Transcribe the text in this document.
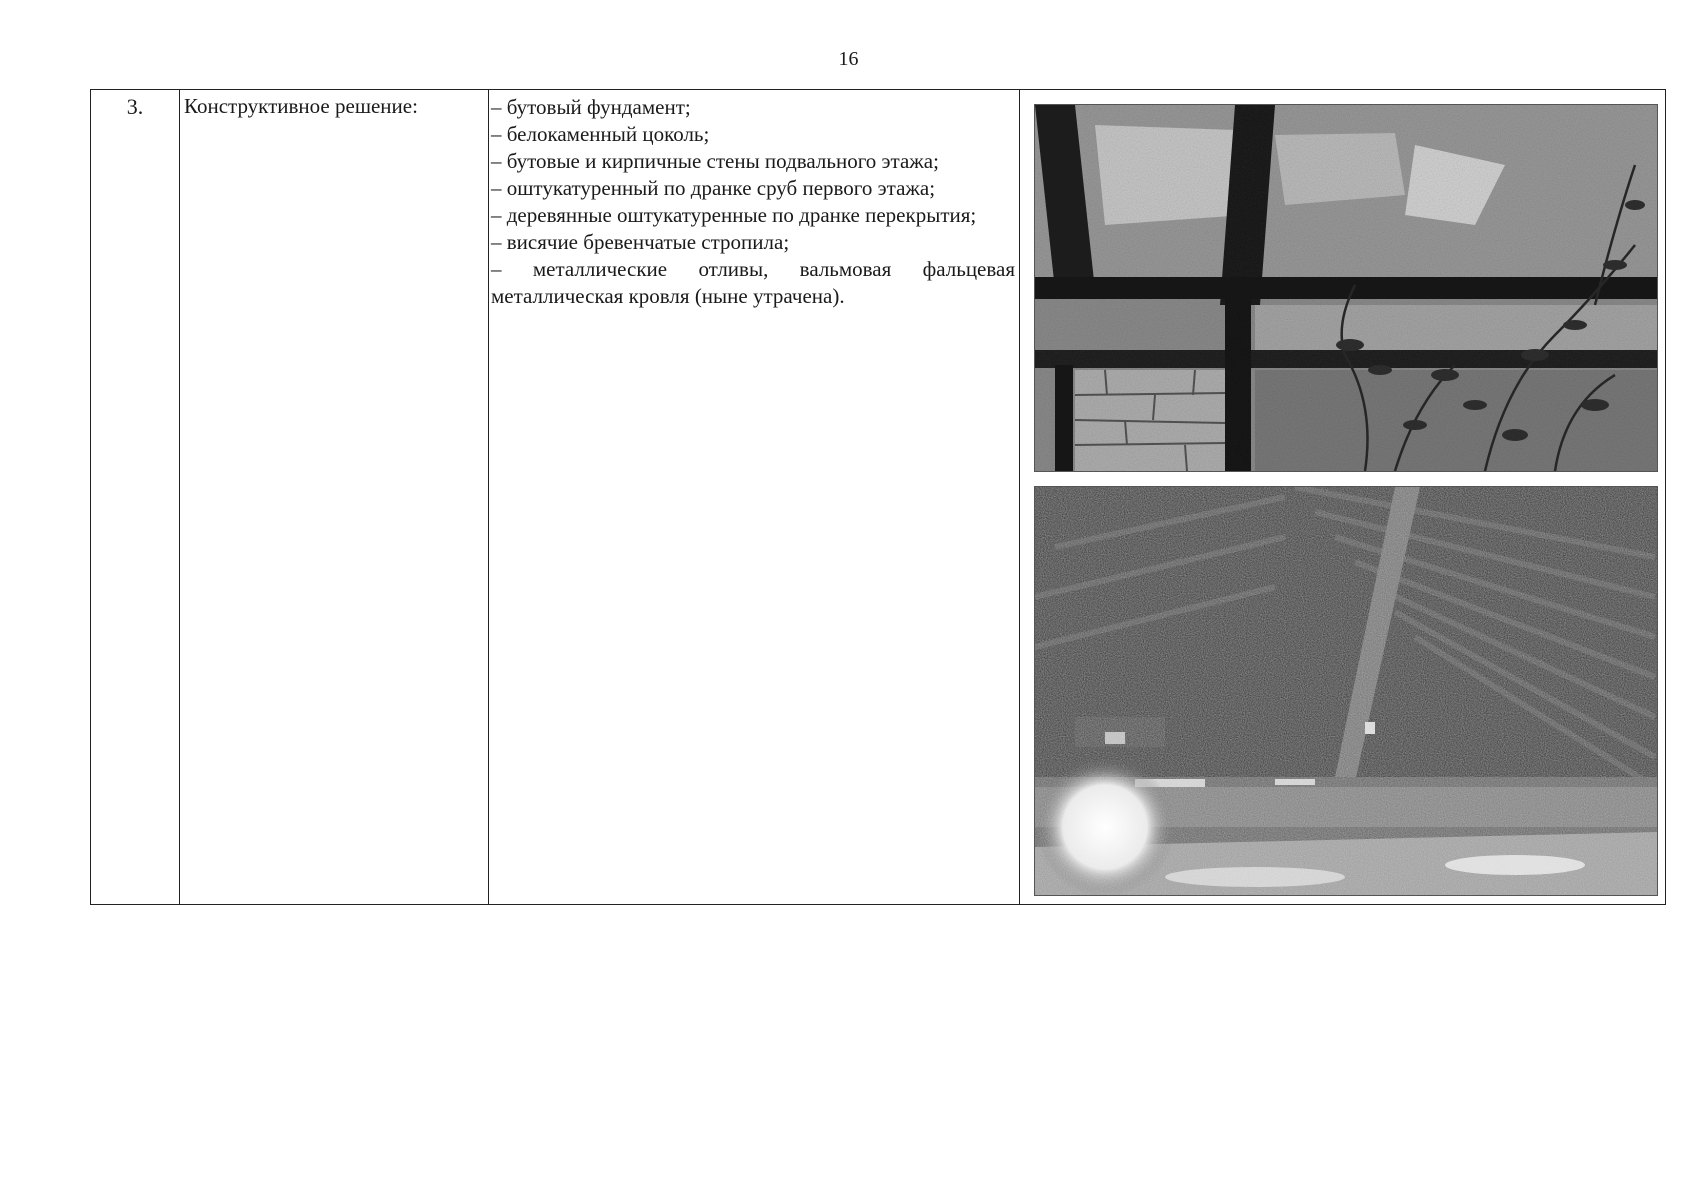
16
3.	Конструктивное решение:	– бутовый фундамент;
– белокаменный цоколь;
– бутовые и кирпичные стены подвального этажа;
– оштукатуренный по дранке сруб первого этажа;
– деревянные оштукатуренные по дранке перекрытия;
– висячие бревенчатые стропила;
– металлические отливы, вальмовая фальцевая металлическая кровля (ныне утрачена).
